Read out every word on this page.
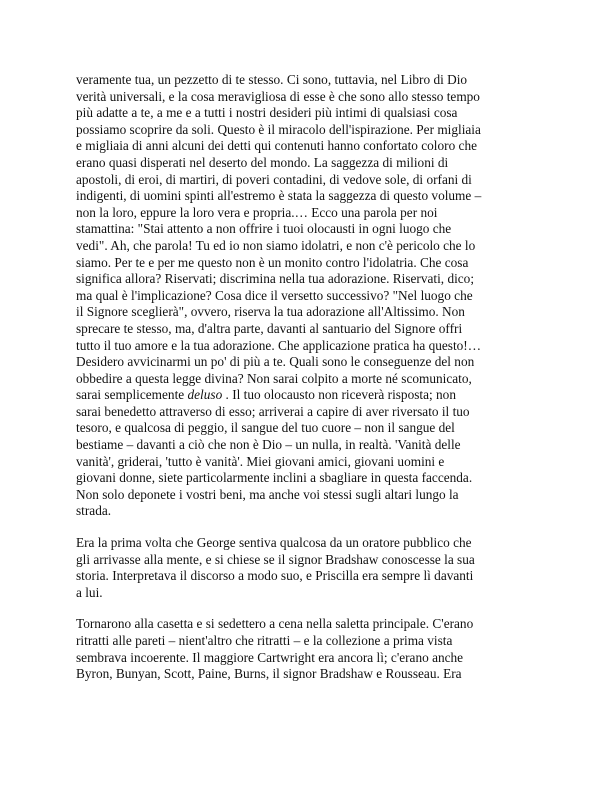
veramente tua, un pezzetto di te stesso. Ci sono, tuttavia, nel Libro di Dio
verità universali, e la cosa meravigliosa di esse è che sono allo stesso tempo
più adatte a te, a me e a tutti i nostri desideri più intimi di qualsiasi cosa
possiamo scoprire da soli. Questo è il miracolo dell'ispirazione. Per migliaia
e migliaia di anni alcuni dei detti qui contenuti hanno confortato coloro che
erano quasi disperati nel deserto del mondo. La saggezza di milioni di
apostoli, di eroi, di martiri, di poveri contadini, di vedove sole, di orfani di
indigenti, di uomini spinti all'estremo è stata la saggezza di questo volume –
non la loro, eppure la loro vera e propria.… Ecco una parola per noi
stamattina: "Stai attento a non offrire i tuoi olocausti in ogni luogo che
vedi". Ah, che parola! Tu ed io non siamo idolatri, e non c'è pericolo che lo
siamo. Per te e per me questo non è un monito contro l'idolatria. Che cosa
significa allora? Riservati; discrimina nella tua adorazione. Riservati, dico;
ma qual è l'implicazione? Cosa dice il versetto successivo? "Nel luogo che
il Signore sceglierà", ovvero, riserva la tua adorazione all'Altissimo. Non
sprecare te stesso, ma, d'altra parte, davanti al santuario del Signore offri
tutto il tuo amore e la tua adorazione. Che applicazione pratica ha questo!…
Desidero avvicinarmi un po' di più a te. Quali sono le conseguenze del non
obbedire a questa legge divina? Non sarai colpito a morte né scomunicato,
sarai semplicemente deluso . Il tuo olocausto non riceverà risposta; non
sarai benedetto attraverso di esso; arriverai a capire di aver riversato il tuo
tesoro, e qualcosa di peggio, il sangue del tuo cuore – non il sangue del
bestiame – davanti a ciò che non è Dio – un nulla, in realtà. 'Vanità delle
vanità', griderai, 'tutto è vanità'. Miei giovani amici, giovani uomini e
giovani donne, siete particolarmente inclini a sbagliare in questa faccenda.
Non solo deponete i vostri beni, ma anche voi stessi sugli altari lungo la
strada.
Era la prima volta che George sentiva qualcosa da un oratore pubblico che
gli arrivasse alla mente, e si chiese se il signor Bradshaw conoscesse la sua
storia. Interpretava il discorso a modo suo, e Priscilla era sempre lì davanti
a lui.
Tornarono alla casetta e si sedettero a cena nella saletta principale. C'erano
ritratti alle pareti – nient'altro che ritratti – e la collezione a prima vista
sembrava incoerente. Il maggiore Cartwright era ancora lì; c'erano anche
Byron, Bunyan, Scott, Paine, Burns, il signor Bradshaw e Rousseau. Era
